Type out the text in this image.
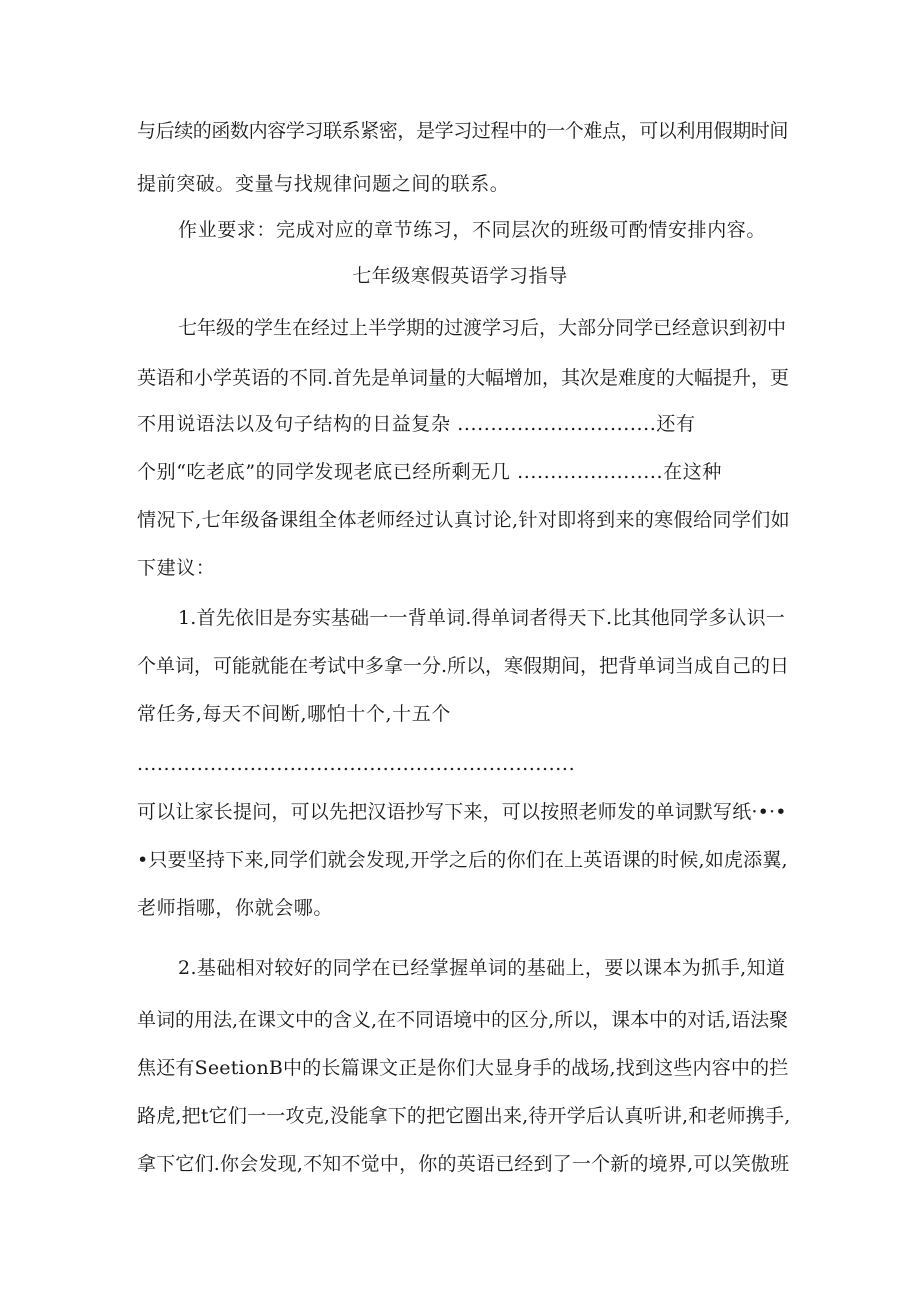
与后续的函数内容学习联系紧密，是学习过程中的一个难点，可以利用假期时间
提前突破。变量与找规律问题之间的联系。
作业要求：完成对应的章节练习，不同层次的班级可酌情安排内容。
七年级寒假英语学习指导
七年级的学生在经过上半学期的过渡学习后，大部分同学已经意识到初中
英语和小学英语的不同.首先是单词量的大幅增加，其次是难度的大幅提升，更
不用说语法以及句子结构的日益复杂 ..............................还有
个别“吃老底”的同学发现老底已经所剩无几 ......................在这种
情况下,七年级备课组全体老师经过认真讨论,针对即将到来的寒假给同学们如
下建议：
1.首先依旧是夯实基础一一背单词.得单词者得天下.比其他同学多认识一
个单词，可能就能在考试中多拿一分.所以，寒假期间，把背单词当成自己的日
常任务,每天不间断,哪怕十个,十五个
..................................................................
可以让家长提问，可以先把汉语抄写下来，可以按照老师发的单词默写纸·•·•
•只要坚持下来,同学们就会发现,开学之后的你们在上英语课的时候,如虎添翼,
老师指哪，你就会哪。
2.基础相对较好的同学在已经掌握单词的基础上，要以课本为抓手,知道
单词的用法,在课文中的含义,在不同语境中的区分,所以，课本中的对话,语法聚
焦还有SeetionB中的长篇课文正是你们大显身手的战场,找到这些内容中的拦
路虎,把t它们一一攻克,没能拿下的把它圈出来,待开学后认真听讲,和老师携手,
拿下它们.你会发现,不知不觉中，你的英语已经到了一个新的境界,可以笑傲班
